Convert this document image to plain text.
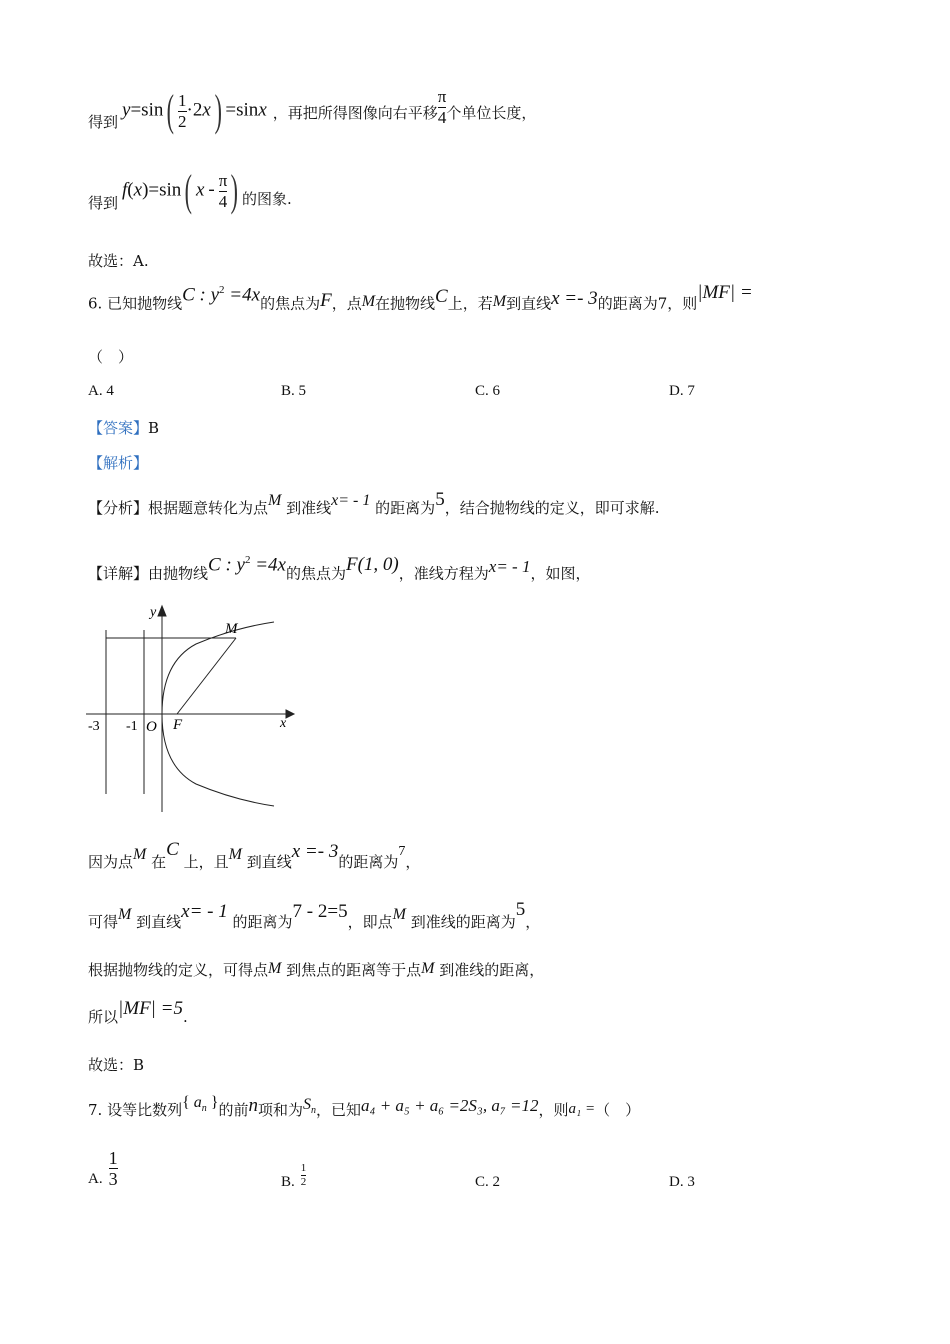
得到
$y=\sin( \frac{1}{2} \cdot 2x) =\sin x$ ，再把所得图像向右平移 $\frac{\pi}{4}$ 个单位长度，
得到
f(x)=sin( x - $\frac{\pi}{4}$ ) 的图象.
故选：A.
6. 已知抛物线C : $y^2 =4x$的焦点为F，点M在抛物线C上，若M到直线x =- 3的距离为7，则|MF| =
（　）
A. 4	B. 5	C. 6	D. 7
【答案】B
【解析】
【分析】根据题意转化为点M 到准线x= - 1 的距离为5，结合抛物线的定义，即可求解.
【详解】由抛物线C : $y^2 =4x$的焦点为F(1, 0)，准线方程为x= - 1，如图，
y
M
x
-3 -1 O F
因为点M 在C 上，且M 到直线x =- 3的距离为7，
可得M 到直线x= - 1 的距离为7 - 2=5，即点M 到准线的距离为5，
根据抛物线的定义，可得点M 到焦点的距离等于点M 到准线的距离，
所以|MF| =5.
故选：B
7. 设等比数列{ $a_n$ }的前n项和为$S_n$，已知a₄ + a₅ + a₆ =2S₃, a₇ =12，则a₁ =（　）
A. $\frac{1}{3}$	B. $\frac{1}{2}$	C. 2	D. 3
